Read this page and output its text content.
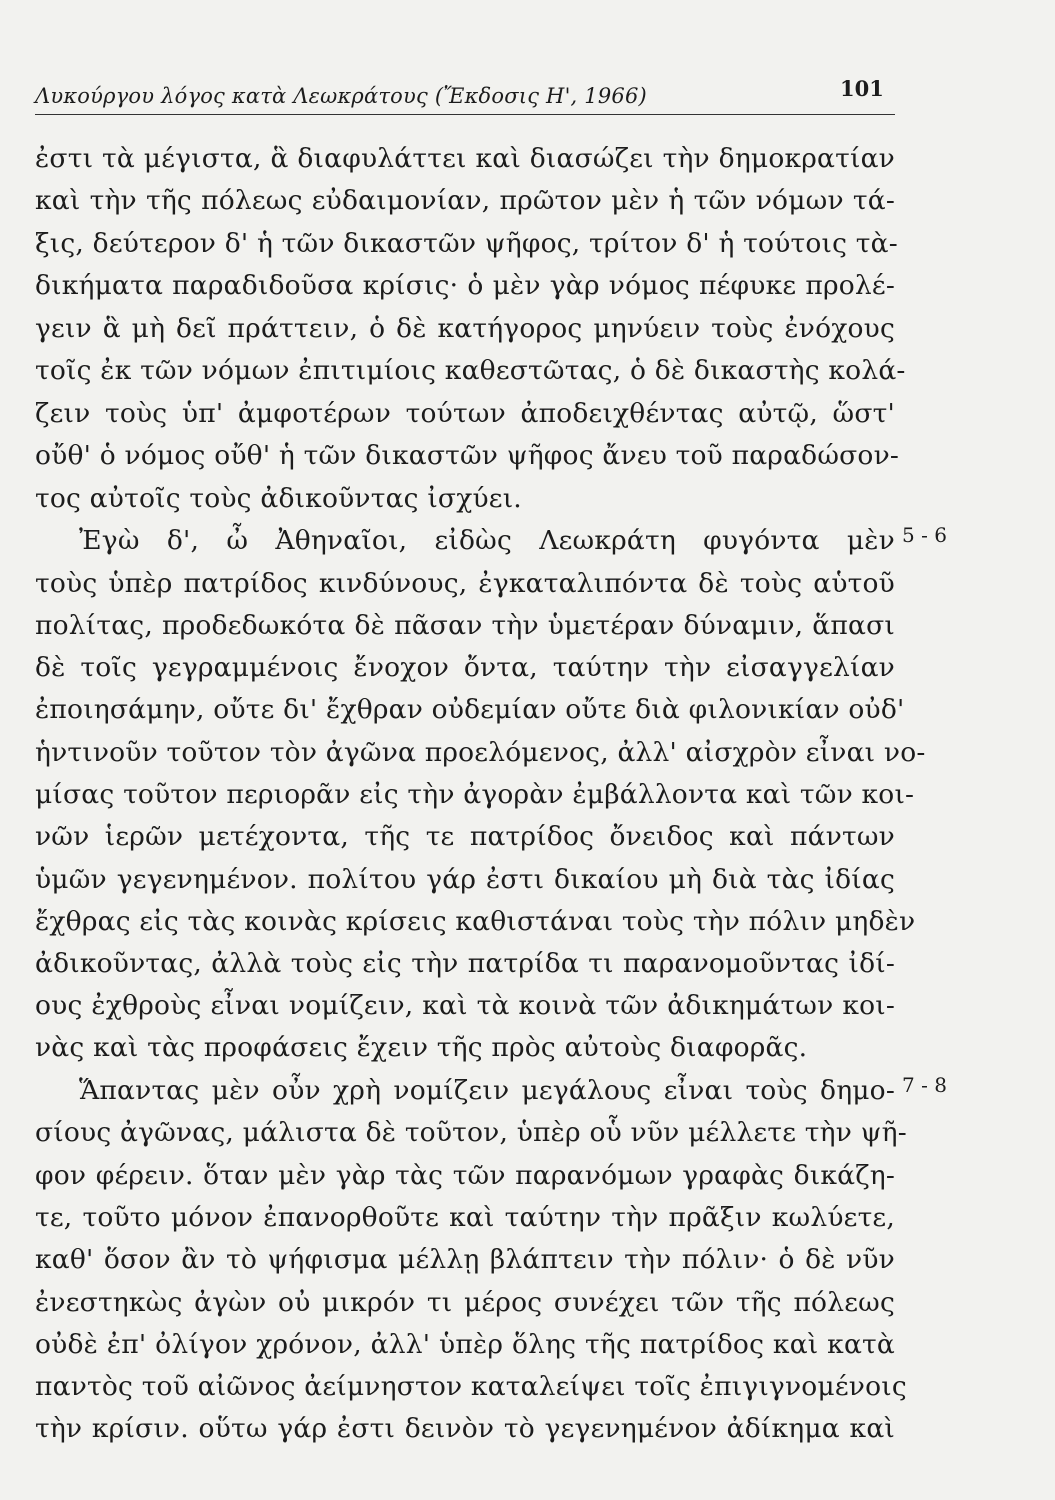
Λυκούργου λόγος κατὰ Λεωκράτους (Ἔκδοσις Η', 1966)	101
ἐστι τὰ μέγιστα, ἃ διαφυλάττει καὶ διασώζει τὴν δημοκρατίαν
καὶ τὴν τῆς πόλεως εὐδαιμονίαν, πρῶτον μὲν ἡ τῶν νόμων τά-
ξις, δεύτερον δ' ἡ τῶν δικαστῶν ψῆφος, τρίτον δ' ἡ τούτοις τὰ-
δικήματα παραδιδοῦσα κρίσις· ὁ μὲν γὰρ νόμος πέφυκε προλέ-
γειν ἃ μὴ δεῖ πράττειν, ὁ δὲ κατήγορος μηνύειν τοὺς ἐνόχους
τοῖς ἐκ τῶν νόμων ἐπιτιμίοις καθεστῶτας, ὁ δὲ δικαστὴς κολά-
ζειν τοὺς ὑπ' ἀμφοτέρων τούτων ἀποδειχθέντας αὐτῷ, ὥστ'
οὔθ' ὁ νόμος οὔθ' ἡ τῶν δικαστῶν ψῆφος ἄνευ τοῦ παραδώσον-
τος αὐτοῖς τοὺς ἀδικοῦντας ἰσχύει.
Ἐγὼ δ', ὦ Ἀθηναῖοι, εἰδὼς Λεωκράτη φυγόντα μὲν
τοὺς ὑπὲρ πατρίδος κινδύνους, ἐγκαταλιπόντα δὲ τοὺς αὑτοῦ
πολίτας, προδεδωκότα δὲ πᾶσαν τὴν ὑμετέραν δύναμιν, ἅπασι
δὲ τοῖς γεγραμμένοις ἔνοχον ὄντα, ταύτην τὴν εἰσαγγελίαν
ἐποιησάμην, οὔτε δι' ἔχθραν οὐδεμίαν οὔτε διὰ φιλονικίαν οὐδ'
ἡντινοῦν τοῦτον τὸν ἀγῶνα προελόμενος, ἀλλ' αἰσχρὸν εἶναι νο-
μίσας τοῦτον περιορᾶν εἰς τὴν ἀγορὰν ἐμβάλλοντα καὶ τῶν κοι-
νῶν ἱερῶν μετέχοντα, τῆς τε πατρίδος ὄνειδος καὶ πάντων
ὑμῶν γεγενημένον. πολίτου γάρ ἐστι δικαίου μὴ διὰ τὰς ἰδίας
ἔχθρας εἰς τὰς κοινὰς κρίσεις καθιστάναι τοὺς τὴν πόλιν μηδὲν
ἀδικοῦντας, ἀλλὰ τοὺς εἰς τὴν πατρίδα τι παρανομοῦντας ἰδί-
ους ἐχθροὺς εἶναι νομίζειν, καὶ τὰ κοινὰ τῶν ἀδικημάτων κοι-
νὰς καὶ τὰς προφάσεις ἔχειν τῆς πρὸς αὐτοὺς διαφορᾶς.
Ἅπαντας μὲν οὖν χρὴ νομίζειν μεγάλους εἶναι τοὺς δημο-
σίους ἀγῶνας, μάλιστα δὲ τοῦτον, ὑπὲρ οὗ νῦν μέλλετε τὴν ψῆ-
φον φέρειν. ὅταν μὲν γὰρ τὰς τῶν παρανόμων γραφὰς δικάζη-
τε, τοῦτο μόνον ἐπανορθοῦτε καὶ ταύτην τὴν πρᾶξιν κωλύετε,
καθ' ὅσον ἂν τὸ ψήφισμα μέλλῃ βλάπτειν τὴν πόλιν· ὁ δὲ νῦν
ἐνεστηκὼς ἀγὼν οὐ μικρόν τι μέρος συνέχει τῶν τῆς πόλεως
οὐδὲ ἐπ' ὀλίγον χρόνον, ἀλλ' ὑπὲρ ὅλης τῆς πατρίδος καὶ κατὰ
παντὸς τοῦ αἰῶνος ἀείμνηστον καταλείψει τοῖς ἐπιγιγνομένοις
τὴν κρίσιν. οὕτω γάρ ἐστι δεινὸν τὸ γεγενημένον ἀδίκημα καὶ
5 - 6
7 - 8
